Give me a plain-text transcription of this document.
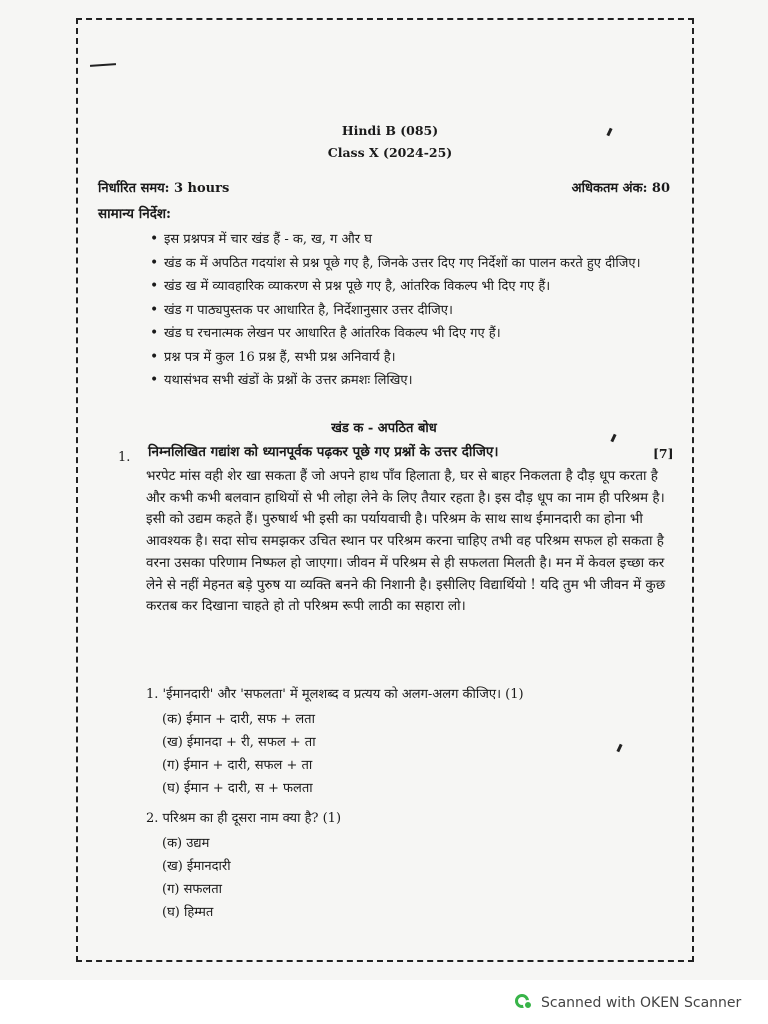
Hindi B (085)
Class X (2024-25)
निर्धारित समय: 3 hours	अधिकतम अंक: 80
सामान्य निर्देश:
• इस प्रश्नपत्र में चार खंड हैं - क, ख, ग और घ
• खंड क में अपठित गदयांश से प्रश्न पूछे गए है, जिनके उत्तर दिए गए निर्देशों का पालन करते हुए दीजिए।
• खंड ख में व्यावहारिक व्याकरण से प्रश्न पूछे गए है, आंतरिक विकल्प भी दिए गए हैं।
• खंड ग पाठ्यपुस्तक पर आधारित है, निर्देशानुसार उत्तर दीजिए।
• खंड घ रचनात्मक लेखन पर आधारित है आंतरिक विकल्प भी दिए गए हैं।
• प्रश्न पत्र में कुल 16 प्रश्न हैं, सभी प्रश्न अनिवार्य है।
• यथासंभव सभी खंडों के प्रश्नों के उत्तर क्रमशः लिखिए।
खंड क - अपठित बोध
1. निम्नलिखित गद्यांश को ध्यानपूर्वक पढ़कर पूछे गए प्रश्नों के उत्तर दीजिए।	[7]

भरपेट मांस वही शेर खा सकता हैं जो अपने हाथ पाँव हिलाता है, घर से बाहर निकलता है दौड़ धूप करता है और कभी कभी बलवान हाथियों से भी लोहा लेने के लिए तैयार रहता है। इस दौड़ धूप का नाम ही परिश्रम है। इसी को उद्यम कहते हैं। पुरुषार्थ भी इसी का पर्यायवाची है। परिश्रम के साथ साथ ईमानदारी का होना भी आवश्यक है। सदा सोच समझकर उचित स्थान पर परिश्रम करना चाहिए तभी वह परिश्रम सफल हो सकता है वरना उसका परिणाम निष्फल हो जाएगा। जीवन में परिश्रम से ही सफलता मिलती है। मन में केवल इच्छा कर लेने से नहीं मेहनत बड़े पुरुष या व्यक्ति बनने की निशानी है। इसीलिए विद्यार्थियो ! यदि तुम भी जीवन में कुछ करतब कर दिखाना चाहते हो तो परिश्रम रूपी लाठी का सहारा लो।

1. 'ईमानदारी' और 'सफलता' में मूलशब्द व प्रत्यय को अलग-अलग कीजिए। (1)
(क) ईमान + दारी, सफ + लता
(ख) ईमानदा + री, सफल + ता
(ग) ईमान + दारी, सफल + ता
(घ) ईमान + दारी, स + फलता
2. परिश्रम का ही दूसरा नाम क्या है? (1)
(क) उद्यम
(ख) ईमानदारी
(ग) सफलता
(घ) हिम्मत
Scanned with OKEN Scanner
